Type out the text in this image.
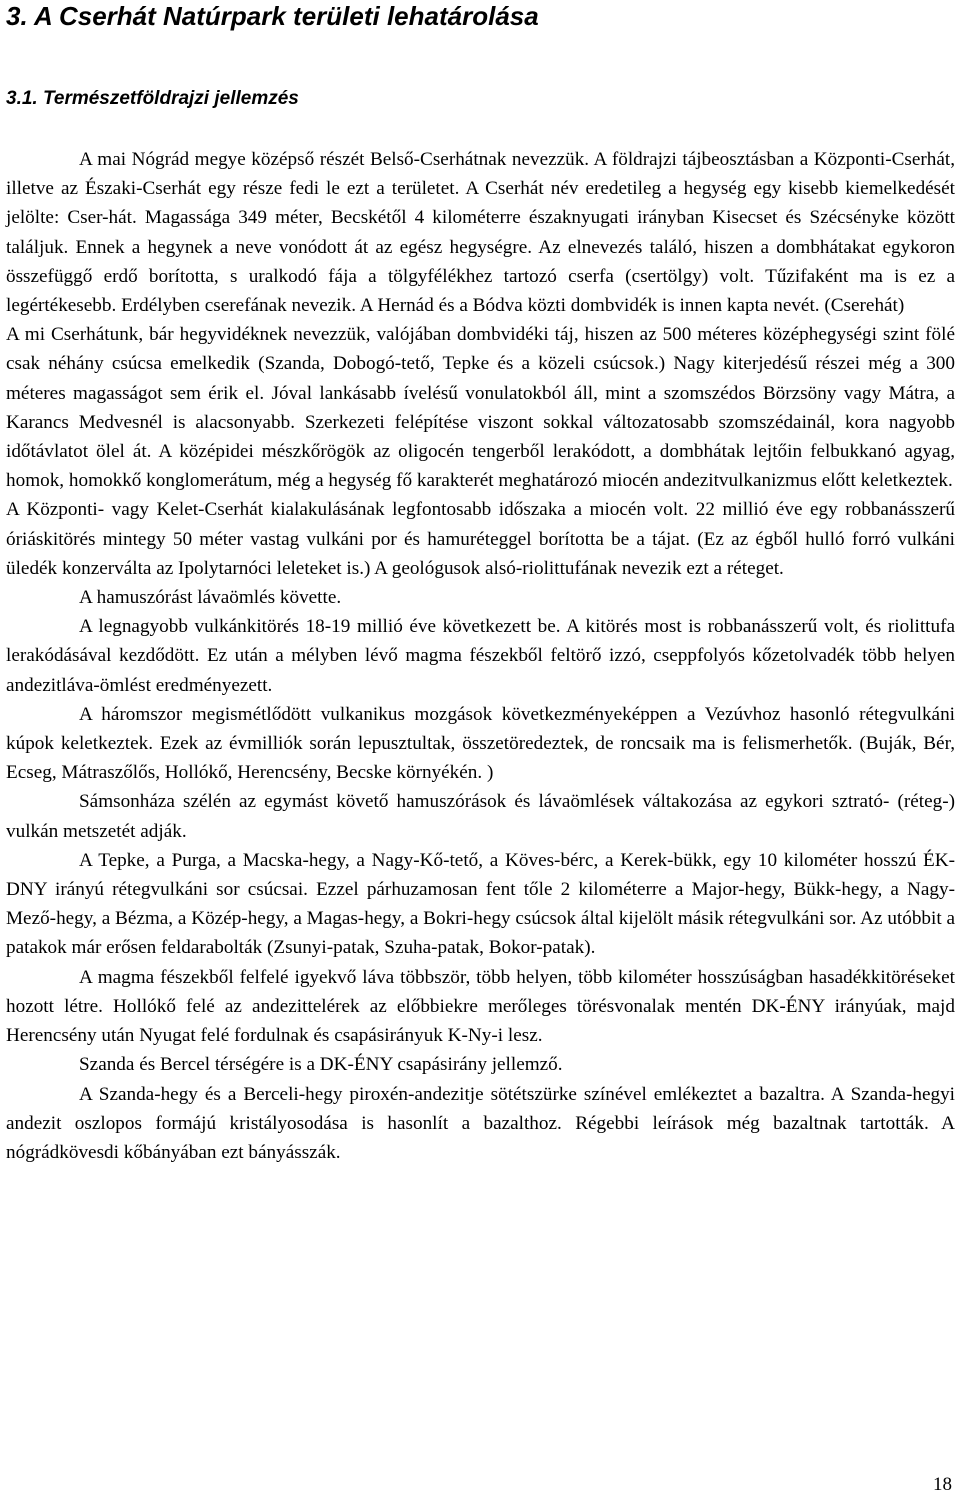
3. A Cserhát Natúrpark területi lehatárolása
3.1. Természetföldrajzi jellemzés

A mai Nógrád megye középső részét Belső-Cserhátnak nevezzük. A földrajzi tájbeosztásban a Központi-Cserhát, illetve az Északi-Cserhát egy része fedi le ezt a területet. A Cserhát név eredetileg a hegység egy kisebb kiemelkedését jelölte: Cser-hát. Magassága 349 méter, Becskétől 4 kilométerre északnyugati irányban Kisecset és Szécsényke között találjuk. Ennek a hegynek a neve vonódott át az egész hegységre. Az elnevezés találó, hiszen a dombhátakat egykoron összefüggő erdő borította, s uralkodó fája a tölgyfélékhez tartozó cserfa (csertölgy) volt. Tűzifaként ma is ez a legértékesebb. Erdélyben cserefának nevezik. A Hernád és a Bódva közti dombvidék is innen kapta nevét. (Cserehát)

A mi Cserhátunk, bár hegyvidéknek nevezzük, valójában dombvidéki táj, hiszen az 500 méteres középhegységi szint fölé csak néhány csúcsa emelkedik (Szanda, Dobogó-tető, Tepke és a közeli csúcsok.) Nagy kiterjedésű részei még a 300 méteres magasságot sem érik el. Jóval lankásabb ívelésű vonulatokból áll, mint a szomszédos Börzsöny vagy Mátra, a Karancs Medvesnél is alacsonyabb. Szerkezeti felépítése viszont sokkal változatosabb szomszédainál, kora nagyobb időtávlatot ölel át. A középidei mészkőrögök az oligocén tengerből lerakódott, a dombhátak lejtőin felbukkanó agyag, homok, homokkő konglomerátum, még a hegység fő karakterét meghatározó miocén andezitvulkanizmus előtt keletkeztek.

A Központi- vagy Kelet-Cserhát kialakulásának legfontosabb időszaka a miocén volt. 22 millió éve egy robbanásszerű óriáskitörés mintegy 50 méter vastag vulkáni por és hamuréteggel borította be a tájat. (Ez az égből hulló forró vulkáni üledék konzerválta az Ipolytarnóci leleteket is.) A geológusok alsó-riolittufának nevezik ezt a réteget.

A hamuszórást lávaömlés követte.

A legnagyobb vulkánkitörés 18-19 millió éve következett be. A kitörés most is robbanásszerű volt, és riolittufa lerakódásával kezdődött. Ez után a mélyben lévő magma fészekből feltörő izzó, cseppfolyós kőzetolvadék több helyen andezitláva-ömlést eredményezett.

A háromszor megismétlődött vulkanikus mozgások következményeképpen a Vezúvhoz hasonló rétegvulkáni kúpok keletkeztek. Ezek az évmilliók során lepusztultak, összetöredeztek, de roncsaik ma is felismerhetők. (Buják, Bér, Ecseg, Mátraszőlős, Hollókő, Herencsény, Becske környékén. )

Sámsonháza szélén az egymást követő hamuszórások és lávaömlések váltakozása az egykori sztrató- (réteg-) vulkán metszetét adják.

A Tepke, a Purga, a Macska-hegy, a Nagy-Kő-tető, a Köves-bérc, a Kerek-bükk, egy 10 kilométer hosszú ÉK-DNY irányú rétegvulkáni sor csúcsai. Ezzel párhuzamosan fent tőle 2 kilométerre a Major-hegy, Bükk-hegy, a Nagy-Mező-hegy, a Bézma, a Közép-hegy, a Magas-hegy, a Bokri-hegy csúcsok által kijelölt másik rétegvulkáni sor. Az utóbbit a patakok már erősen feldarabolták (Zsunyi-patak, Szuha-patak, Bokor-patak).

A magma fészekből felfelé igyekvő láva többször, több helyen, több kilométer hosszúságban hasadékkitöréseket hozott létre. Hollókő felé az andezittelérek az előbbiekre merőleges törésvonalak mentén DK-ÉNY irányúak, majd Herencsény után Nyugat felé fordulnak és csapásirányuk K-Ny-i lesz.

Szanda és Bercel térségére is a DK-ÉNY csapásirány jellemző.

A Szanda-hegy és a Berceli-hegy piroxén-andezitje sötétszürke színével emlékeztet a bazaltra. A Szanda-hegyi andezit oszlopos formájú kristályosodása is hasonlít a bazalthoz. Régebbi leírások még bazaltnak tartották. A nógrádkövesdi kőbányában ezt bányásszák.

18
